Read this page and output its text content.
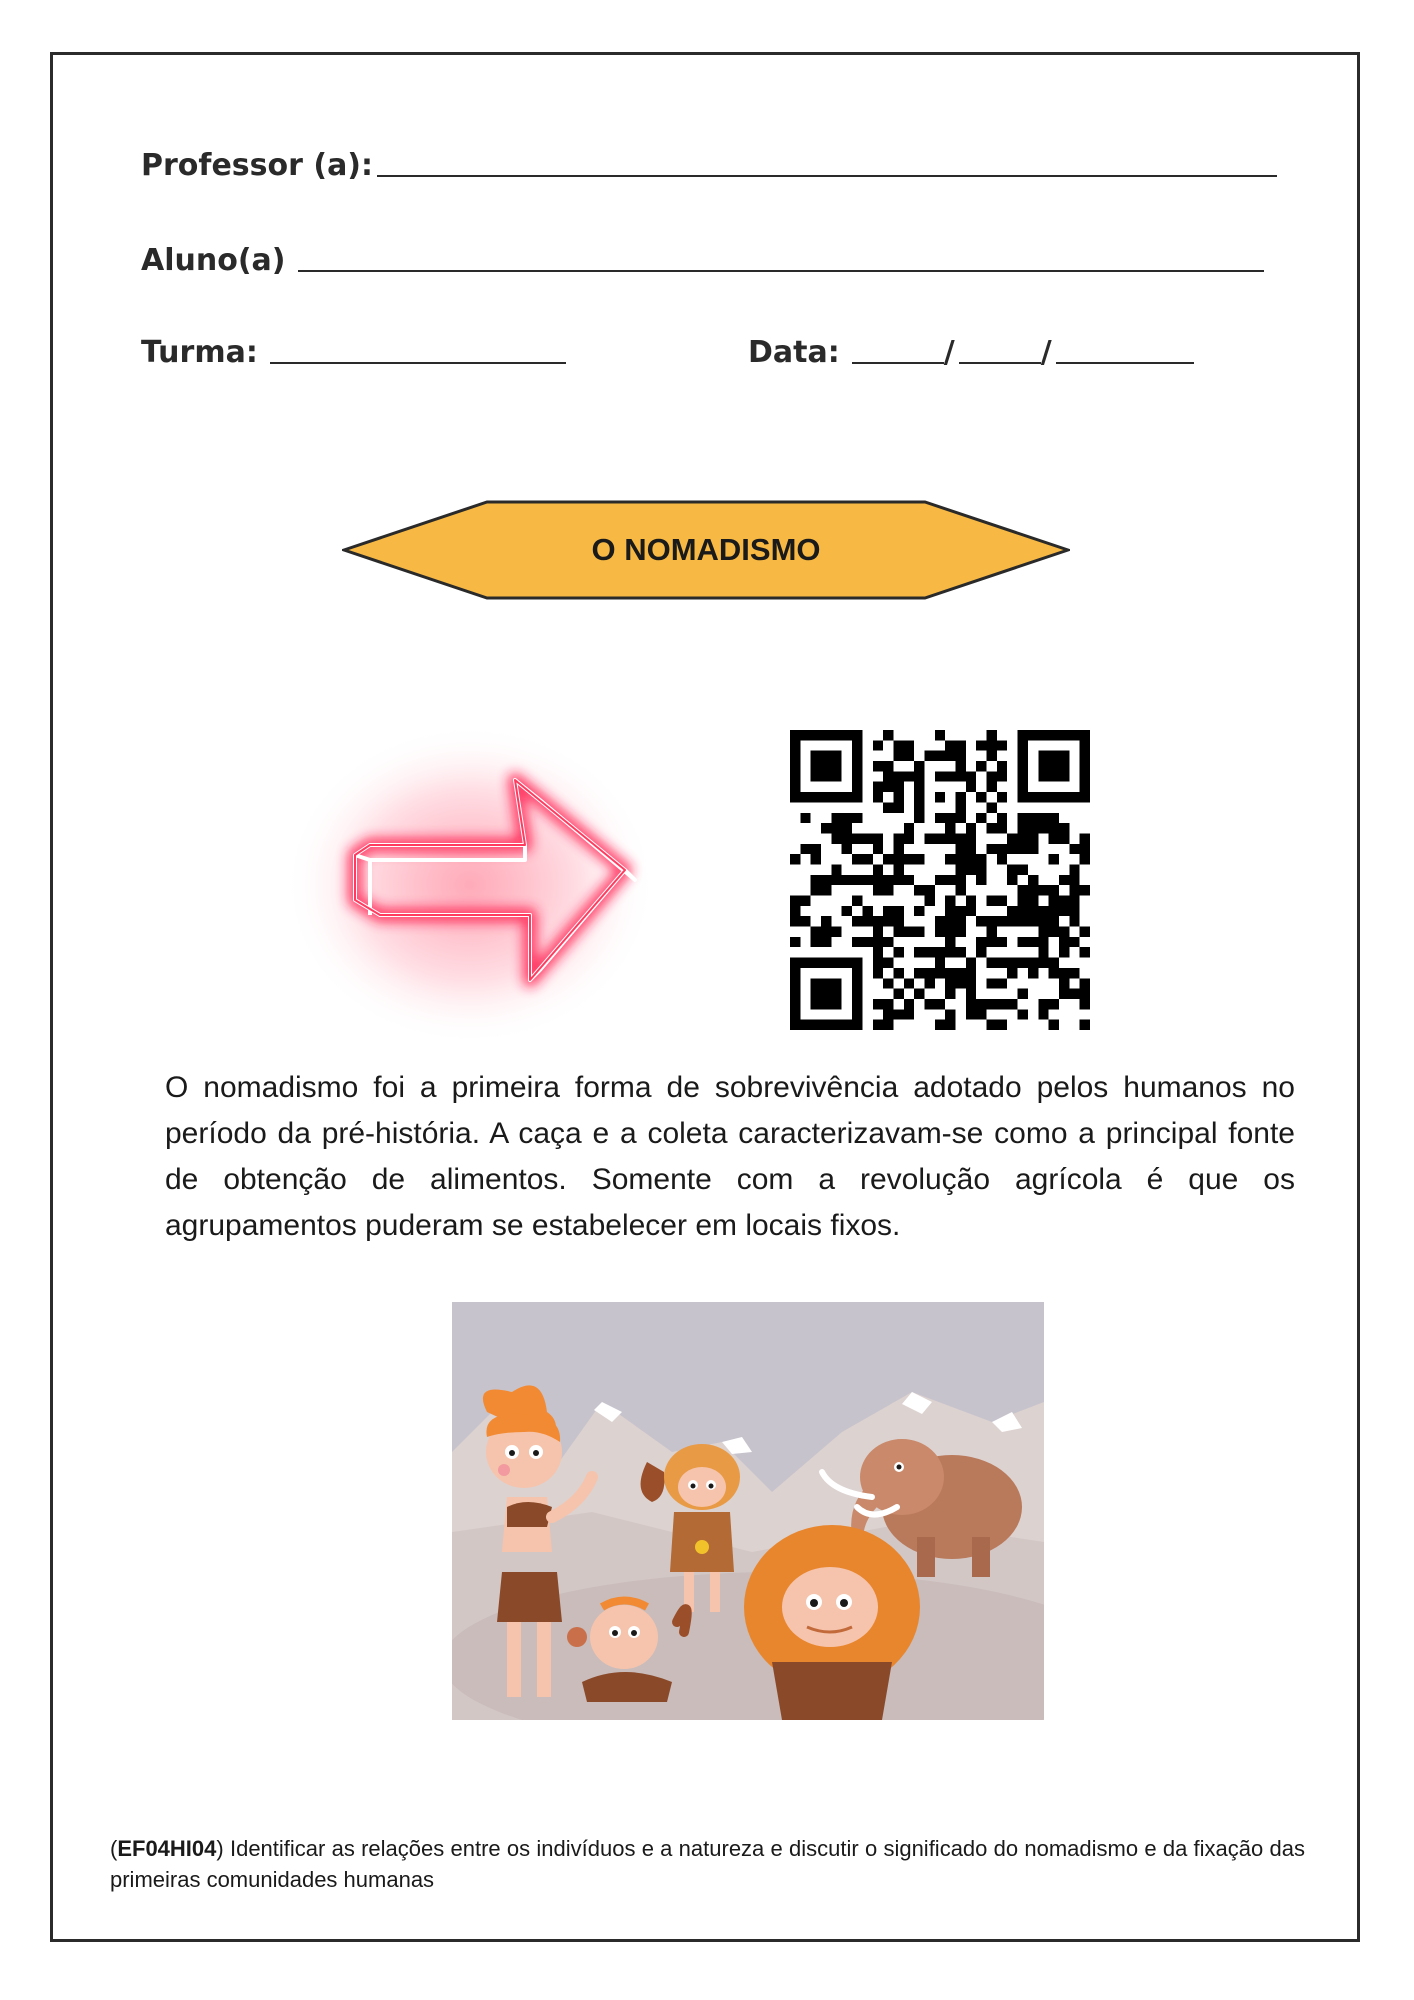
Professor (a):
Aluno(a)
Turma:	Data:	/	/
O NOMADISMO
O nomadismo foi a primeira forma de sobrevivência adotado pelos humanos no período da pré-história. A caça e a coleta caracterizavam-se como a principal fonte de obtenção de alimentos. Somente com a revolução agrícola é que os agrupamentos puderam se estabelecer em locais fixos.
(EF04HI04) Identificar as relações entre os indivíduos e a natureza e discutir o significado do nomadismo e da fixação das primeiras comunidades humanas
